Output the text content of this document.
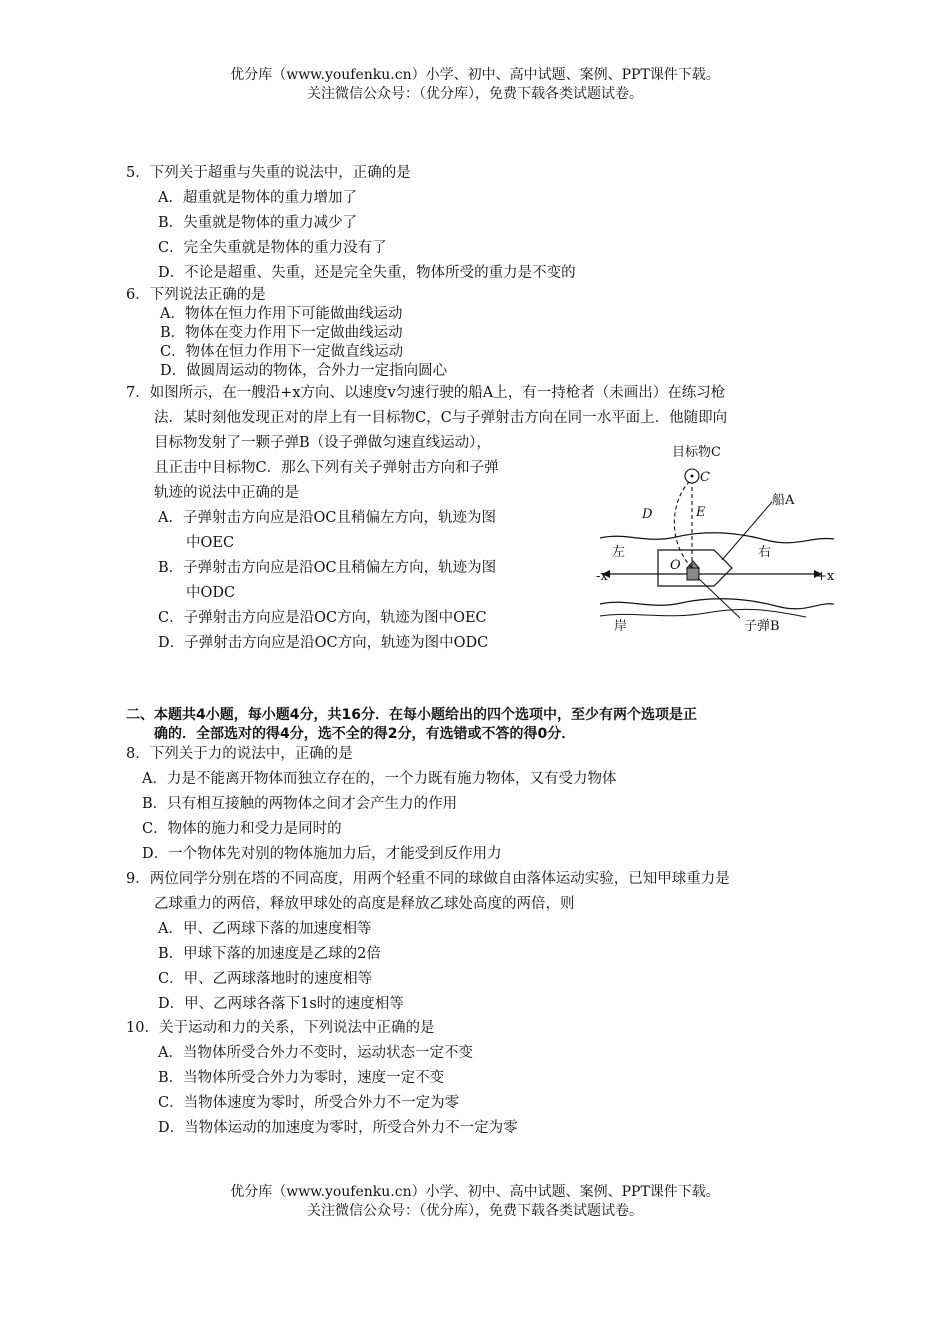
优分库（www.youfenku.cn）小学、初中、高中试题、案例、PPT课件下载。
关注微信公众号：（优分库），免费下载各类试题试卷。
5．下列关于超重与失重的说法中，正确的是
A．超重就是物体的重力增加了
B．失重就是物体的重力减少了
C．完全失重就是物体的重力没有了
D．不论是超重、失重，还是完全失重，物体所受的重力是不变的
6．下列说法正确的是
A．物体在恒力作用下可能做曲线运动
B．物体在变力作用下一定做曲线运动
C．物体在恒力作用下一定做直线运动
D．做圆周运动的物体，合外力一定指向圆心
7．如图所示，在一艘沿+x方向、以速度v匀速行驶的船A上，有一持枪者（未画出）在练习枪
法．某时刻他发现正对的岸上有一目标物C，C与子弹射击方向在同一水平面上．他随即向
目标物发射了一颗子弹B（设子弹做匀速直线运动），
且正击中目标物C．那么下列有关子弹射击方向和子弹
轨迹的说法中正确的是
A．子弹射击方向应是沿OC且稍偏左方向，轨迹为图
中OEC
B．子弹射击方向应是沿OC且稍偏左方向，轨迹为图
中ODC
C．子弹射击方向应是沿OC方向，轨迹为图中OEC
D．子弹射击方向应是沿OC方向，轨迹为图中ODC
目标物C
C
D	E
船A
左	右
O
-x	+x
岸	子弹B
二、本题共4小题，每小题4分，共16分．在每小题给出的四个选项中，至少有两个选项是正
确的．全部选对的得4分，选不全的得2分，有选错或不答的得0分．
8．下列关于力的说法中，正确的是
A．力是不能离开物体而独立存在的，一个力既有施力物体，又有受力物体
B．只有相互接触的两物体之间才会产生力的作用
C．物体的施力和受力是同时的
D．一个物体先对别的物体施加力后，才能受到反作用力
9．两位同学分别在塔的不同高度，用两个轻重不同的球做自由落体运动实验，已知甲球重力是
乙球重力的两倍，释放甲球处的高度是释放乙球处高度的两倍，则
A．甲、乙两球下落的加速度相等
B．甲球下落的加速度是乙球的2倍
C．甲、乙两球落地时的速度相等
D．甲、乙两球各落下1s时的速度相等
10．关于运动和力的关系，下列说法中正确的是
A．当物体所受合外力不变时，运动状态一定不变
B．当物体所受合外力为零时，速度一定不变
C．当物体速度为零时，所受合外力不一定为零
D．当物体运动的加速度为零时，所受合外力不一定为零
优分库（www.youfenku.cn）小学、初中、高中试题、案例、PPT课件下载。
关注微信公众号：（优分库），免费下载各类试题试卷。
